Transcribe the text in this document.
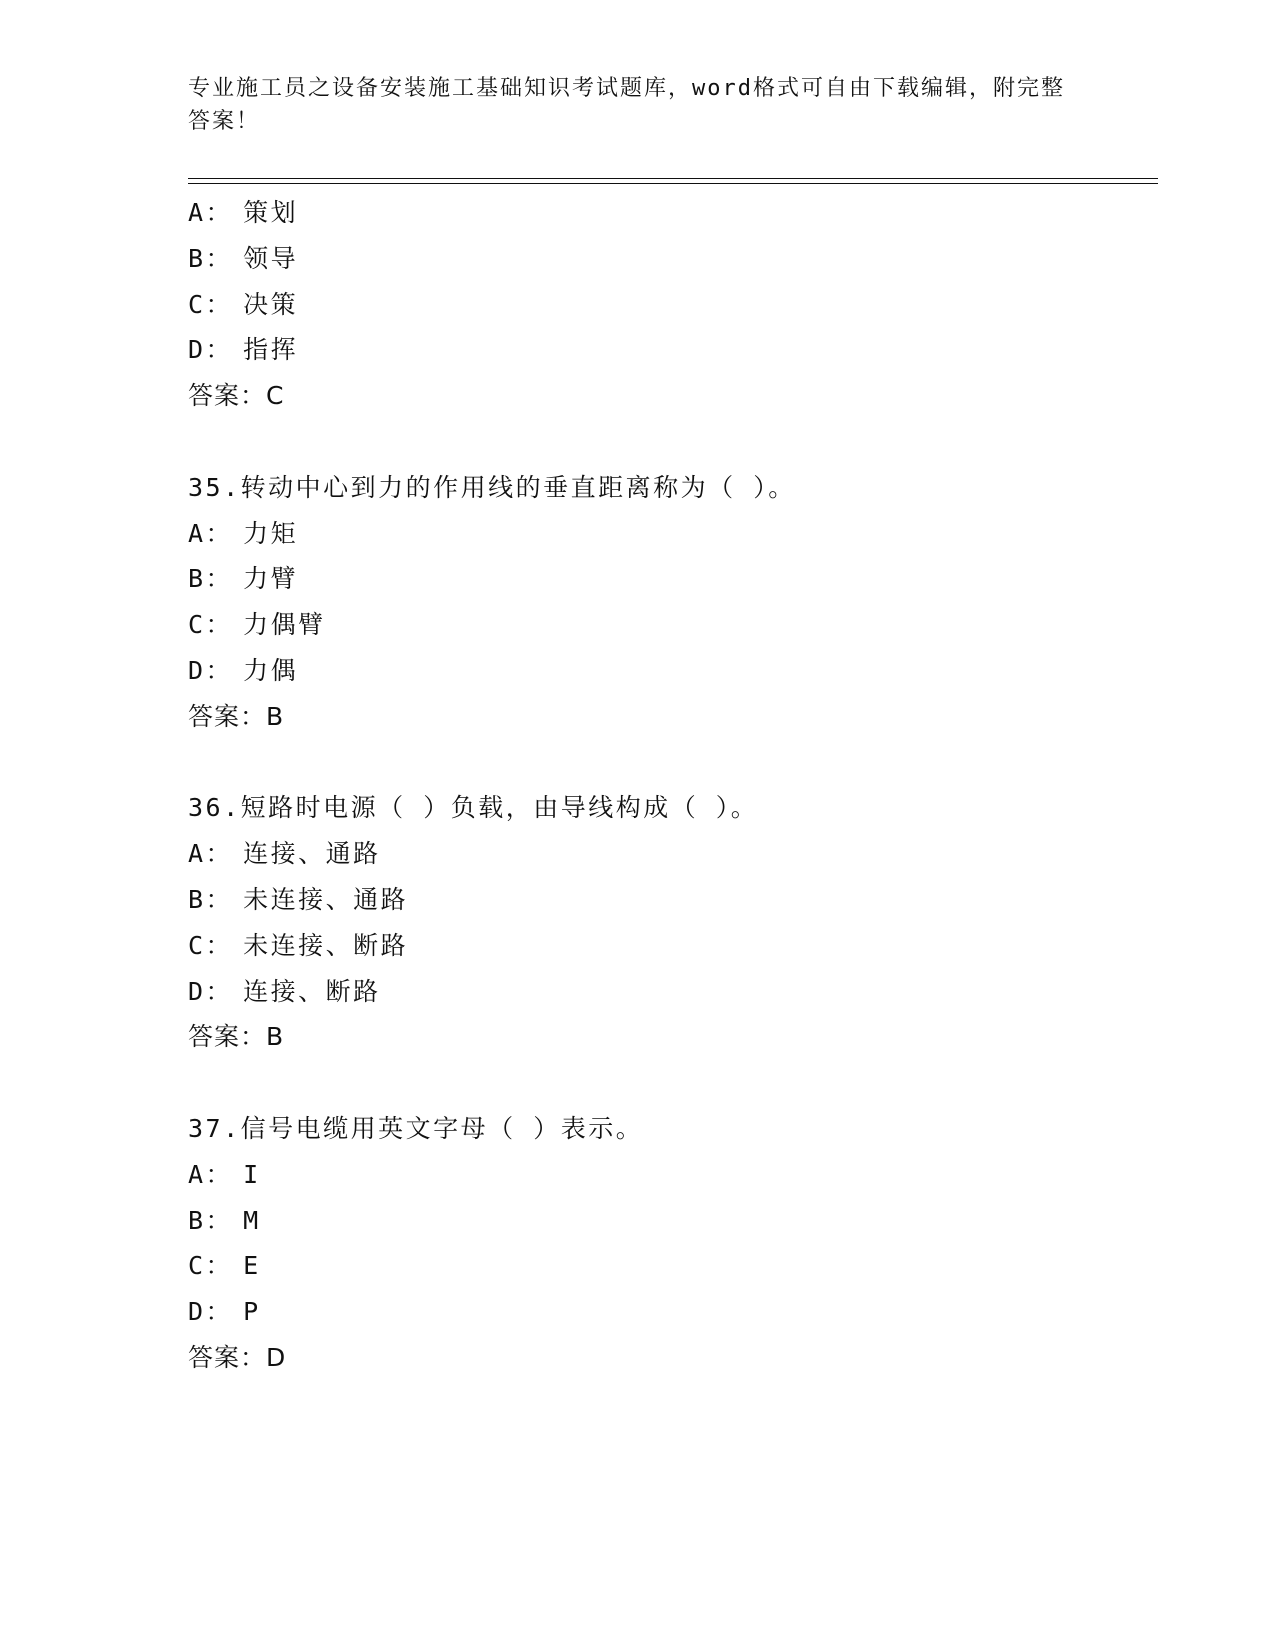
专业施工员之设备安装施工基础知识考试题库，word格式可自由下载编辑，附完整答案！

A： 策划

B： 领导

C： 决策

D： 指挥

答案：C

35.转动中心到力的作用线的垂直距离称为（ ）。

A： 力矩

B： 力臂

C： 力偶臂

D： 力偶

答案：B

36.短路时电源（ ）负载，由导线构成（ ）。

A： 连接、通路

B： 未连接、通路

C： 未连接、断路

D： 连接、断路

答案：B

37.信号电缆用英文字母（ ）表示。

A： I

B： M

C： E

D： P

答案：D
